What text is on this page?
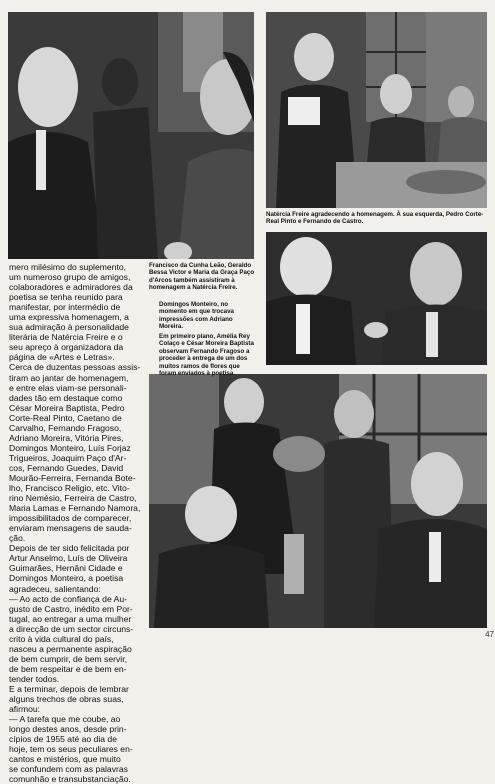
Natércia Freire agradecendo a homenagem. À sua esquerda, Pedro Corte-Real Pinto e Fernando de Castro.

Francisco da Cunha Leão, Geraldo Bessa Victor e Maria da Graça Paço d'Arcos também assistiram à homenagem a Natércia Freire.

Domingos Monteiro, no momento em que trocava impressões com Adriano Moreira.

Em primeiro plano, Amélia Rey Colaço e César Moreira Baptista observam Fernando Fragoso a proceder à entrega de um dos muitos ramos de flores que foram enviados à poetisa.

mero milésimo do suplemento,
um numeroso grupo de amigos,
colaboradores e admiradores da
poetisa se tenha reunido para
manifestar, por intermédio de
uma expressiva homenagem, a
sua admiração à personalidade
literária de Natércia Freire e o
seu apreço à organizadora da
página de «Artes e Letras».
Cerca de duzentas pessoas assis-
tiram ao jantar de homenagem,
e entre elas viam-se personali-
dades tão em destaque como
César Moreira Baptista, Pedro
Corte-Real Pinto, Caetano de
Carvalho, Fernando Fragoso,
Adriano Moreira, Vitória Pires,
Domingos Monteiro, Luís Forjaz
Trigueiros, Joaquim Paço d'Ar-
cos, Fernando Guedes, David
Mourão-Ferreira, Fernanda Bote-
lho, Francisco Religio, etc. Vito-
rino Nemésio, Ferreira de Castro,
Maria Lamas e Fernando Namora,
impossibilitados de comparecer,
enviaram mensagens de sauda-
ção.
Depois de ter sido felicitada por
Artur Anselmo, Luís de Oliveira
Guimarães, Hernâni Cidade e
Domingos Monteiro, a poetisa
agradeceu, salientando:
— Ao acto de confiança de Au-
gusto de Castro, inédito em Por-
tugal, ao entregar a uma mulher
a direcção de um sector circuns-
crito à vida cultural do país,
nasceu a permanente aspiração
de bem cumprir, de bem servir,
de bem respeitar e de bem en-
tender todos.
E a terminar, depois de lembrar
alguns trechos de obras suas,
afirmou:
— A tarefa que me coube, ao
longo destes anos, desde prin-
cípios de 1955 até ao dia de
hoje, tem os seus peculiares en-
cantos e mistérios, que muito
se confundem com as palavras
comunhão e transubstanciação.
47
